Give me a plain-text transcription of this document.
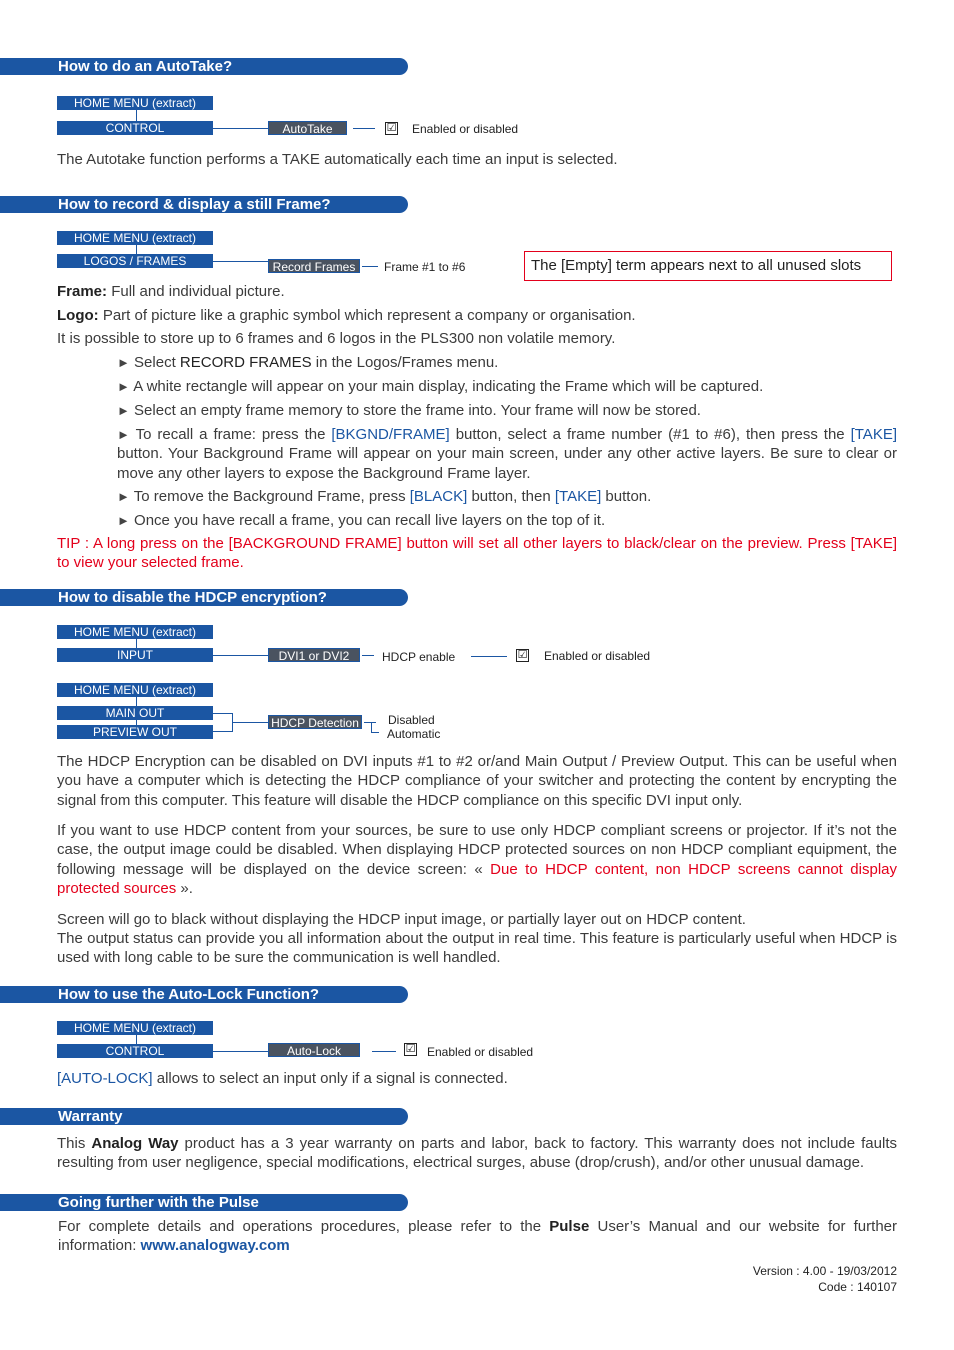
How to do an AutoTake?
HOME MENU (extract)
CONTROL	AutoTake	☑ Enabled or disabled
The Autotake function performs a TAKE automatically each time an input is selected.
How to record & display a still Frame?
HOME MENU (extract)
LOGOS / FRAMES	Record Frames	Frame #1 to #6	The [Empty] term appears next to all unused slots
Frame: Full and individual picture.
Logo: Part of picture like a graphic symbol which represent a company or organisation.
It is possible to store up to 6 frames and 6 logos in the PLS300 non volatile memory.
► Select RECORD FRAMES in the Logos/Frames menu.
► A white rectangle will appear on your main display, indicating the Frame which will be captured.
► Select an empty frame memory to store the frame into. Your frame will now be stored.
► To recall a frame: press the [BKGND/FRAME] button, select a frame number (#1 to #6), then press the [TAKE] button. Your Background Frame will appear on your main screen, under any other active layers. Be sure to clear or move any other layers to expose the Background Frame layer.
► To remove the Background Frame, press [BLACK] button, then [TAKE] button.
► Once you have recall a frame, you can recall live layers on the top of it.
TIP : A long press on the [BACKGROUND FRAME] button will set all other layers to black/clear on the preview. Press [TAKE] to view your selected frame.
How to disable the HDCP encryption?
HOME MENU (extract)
INPUT	DVI1 or DVI2	HDCP enable	☑ Enabled or disabled
HOME MENU (extract)
MAIN OUT
PREVIEW OUT
HDCP Detection Disabled
Automatic
The HDCP Encryption can be disabled on DVI inputs #1 to #2 or/and Main Output / Preview Output. This can be useful when you have a computer which is detecting the HDCP compliance of your switcher and protecting the content by encrypting the signal from this computer. This feature will disable the HDCP compliance on this specific DVI input only.
If you want to use HDCP content from your sources, be sure to use only HDCP compliant screens or projector. If it’s not the case, the output image could be disabled. When displaying HDCP protected sources on non HDCP compliant equipment, the following message will be displayed on the device screen: « Due to HDCP content, non HDCP screens cannot display protected sources ».
Screen will go to black without displaying the HDCP input image, or partially layer out on HDCP content.
The output status can provide you all information about the output in real time. This feature is particularly useful when HDCP is used with long cable to be sure the communication is well handled.
How to use the Auto-Lock Function?
HOME MENU (extract)
CONTROL	Auto-Lock	☑ Enabled or disabled
[AUTO-LOCK] allows to select an input only if a signal is connected.
Warranty
This Analog Way product has a 3 year warranty on parts and labor, back to factory. This warranty does not include faults resulting from user negligence, special modifications, electrical surges, abuse (drop/crush), and/or other unusual damage.
Going further with the Pulse
For complete details and operations procedures, please refer to the Pulse User’s Manual and our website for further information: www.analogway.com
Version : 4.00 - 19/03/2012
Code : 140107
